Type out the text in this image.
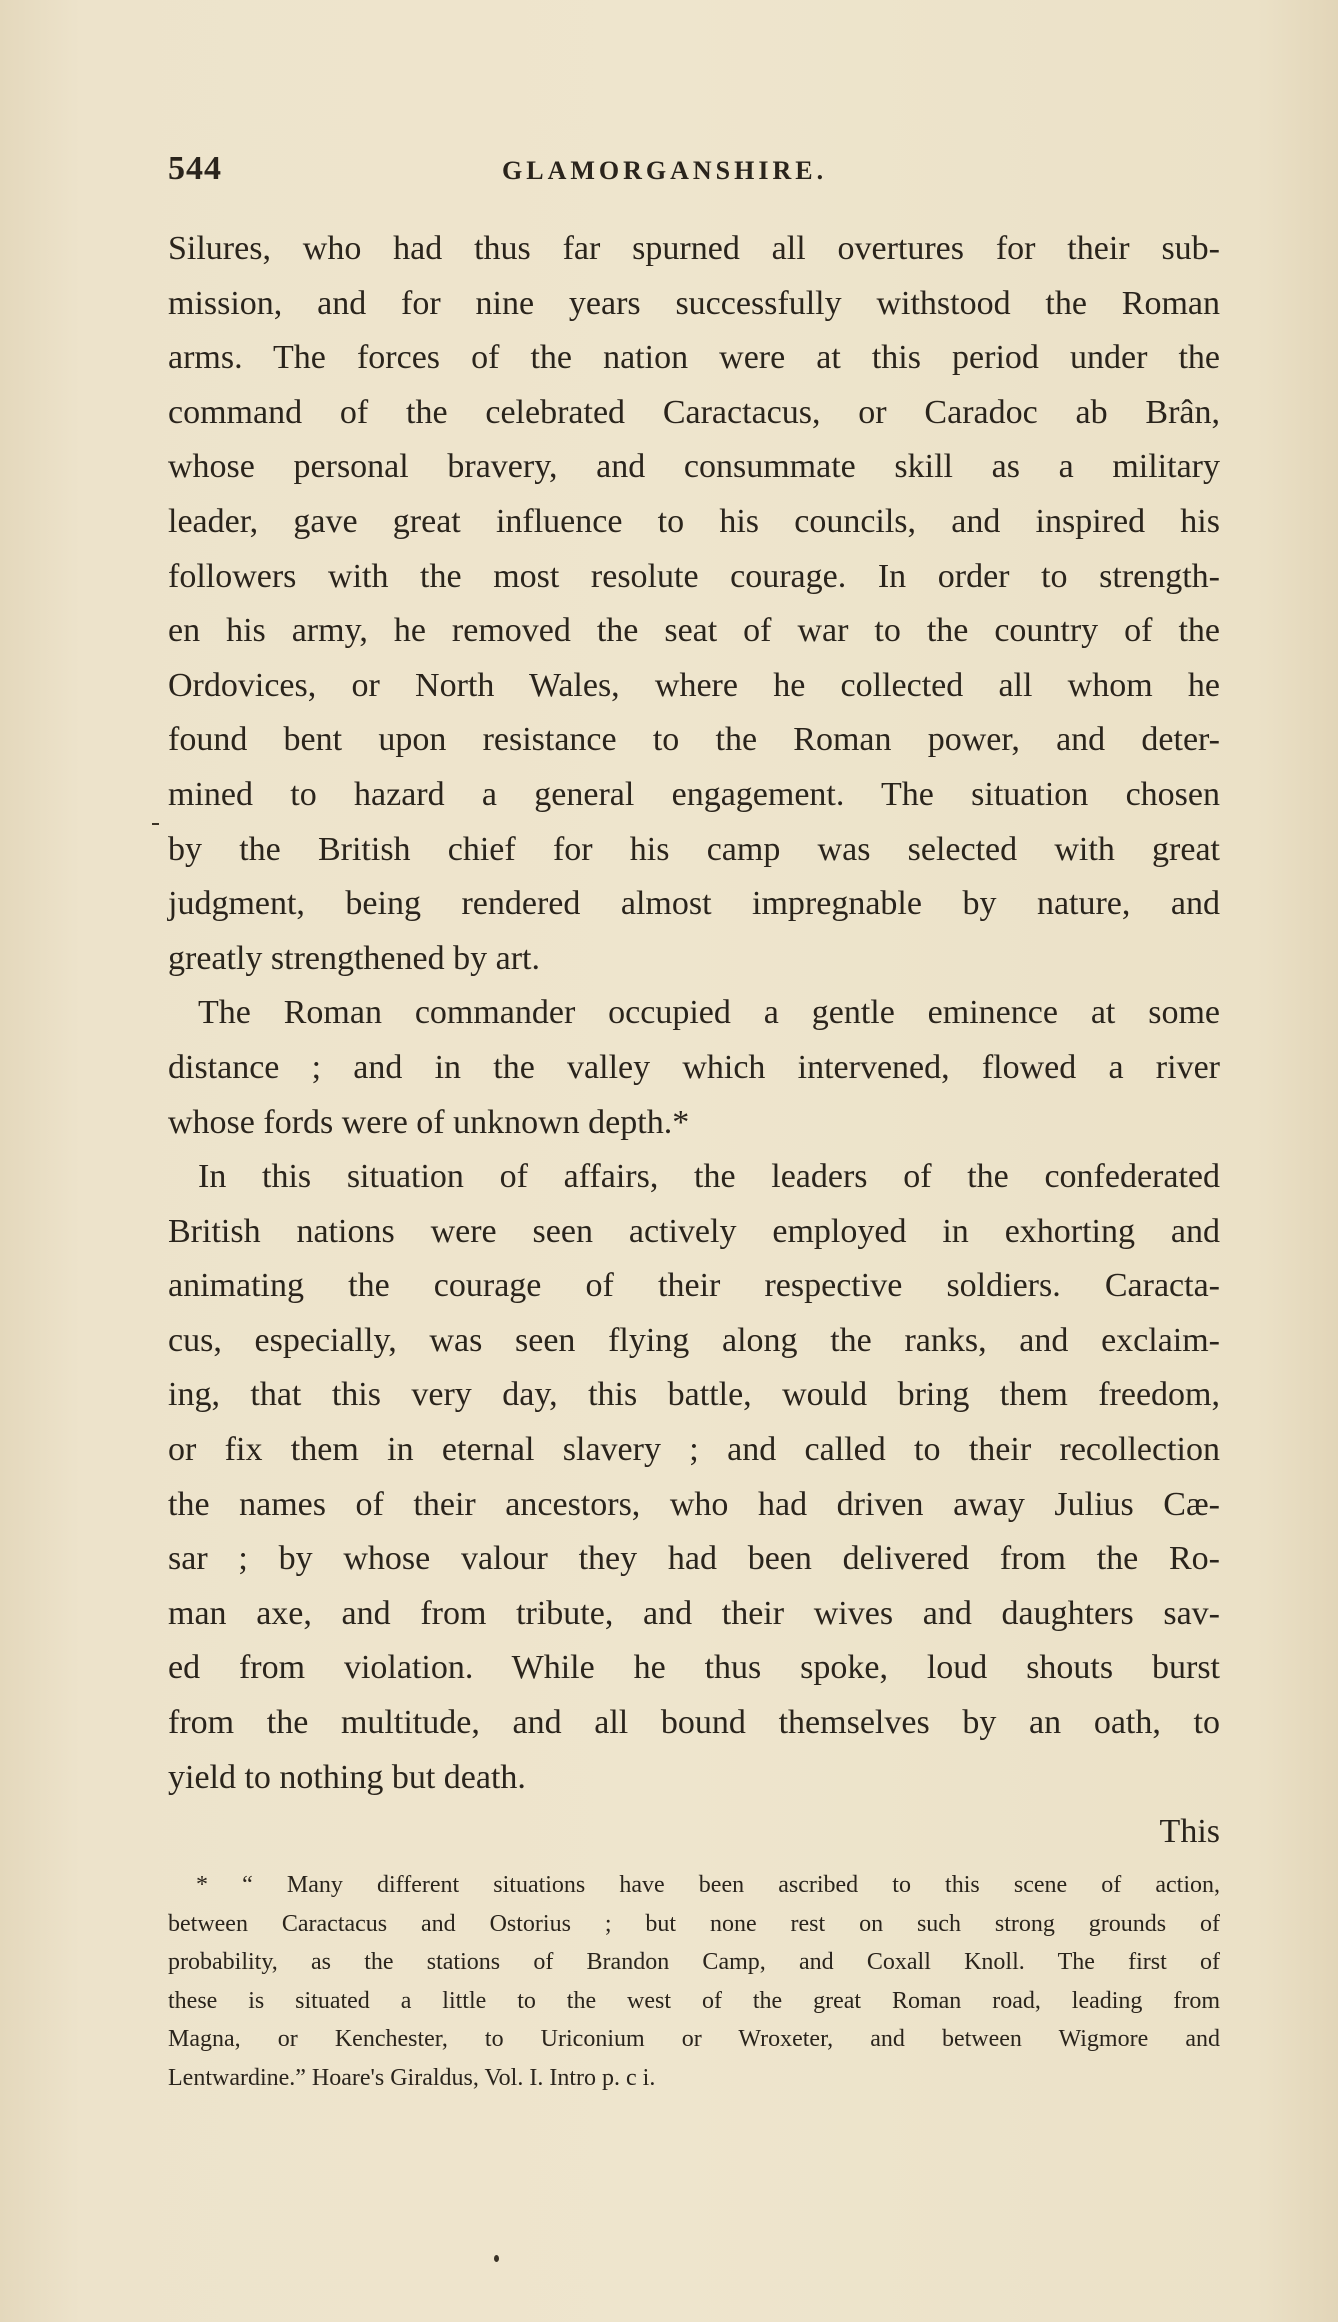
544	GLAMORGANSHIRE.
Silures, who had thus far spurned all overtures for their sub-
mission, and for nine years successfully withstood the Roman
arms. The forces of the nation were at this period under the
command of the celebrated Caractacus, or Caradoc ab Brân,
whose personal bravery, and consummate skill as a military
leader, gave great influence to his councils, and inspired his
followers with the most resolute courage. In order to strength-
en his army, he removed the seat of war to the country of the
Ordovices, or North Wales, where he collected all whom he
found bent upon resistance to the Roman power, and deter-
mined to hazard a general engagement. The situation chosen
by the British chief for his camp was selected with great
judgment, being rendered almost impregnable by nature, and
greatly strengthened by art.
The Roman commander occupied a gentle eminence at some
distance ; and in the valley which intervened, flowed a river
whose fords were of unknown depth.*
In this situation of affairs, the leaders of the confederated
British nations were seen actively employed in exhorting and
animating the courage of their respective soldiers. Caracta-
cus, especially, was seen flying along the ranks, and exclaim-
ing, that this very day, this battle, would bring them freedom,
or fix them in eternal slavery ; and called to their recollection
the names of their ancestors, who had driven away Julius Cæ-
sar ; by whose valour they had been delivered from the Ro-
man axe, and from tribute, and their wives and daughters sav-
ed from violation. While he thus spoke, loud shouts burst
from the multitude, and all bound themselves by an oath, to
yield to nothing but death.
This
* “ Many different situations have been ascribed to this scene of action,
between Caractacus and Ostorius ; but none rest on such strong grounds of
probability, as the stations of Brandon Camp, and Coxall Knoll. The first of
these is situated a little to the west of the great Roman road, leading from
Magna, or Kenchester, to Uriconium or Wroxeter, and between Wigmore and
Lentwardine.” Hoare's Giraldus, Vol. I. Intro p. c i.
